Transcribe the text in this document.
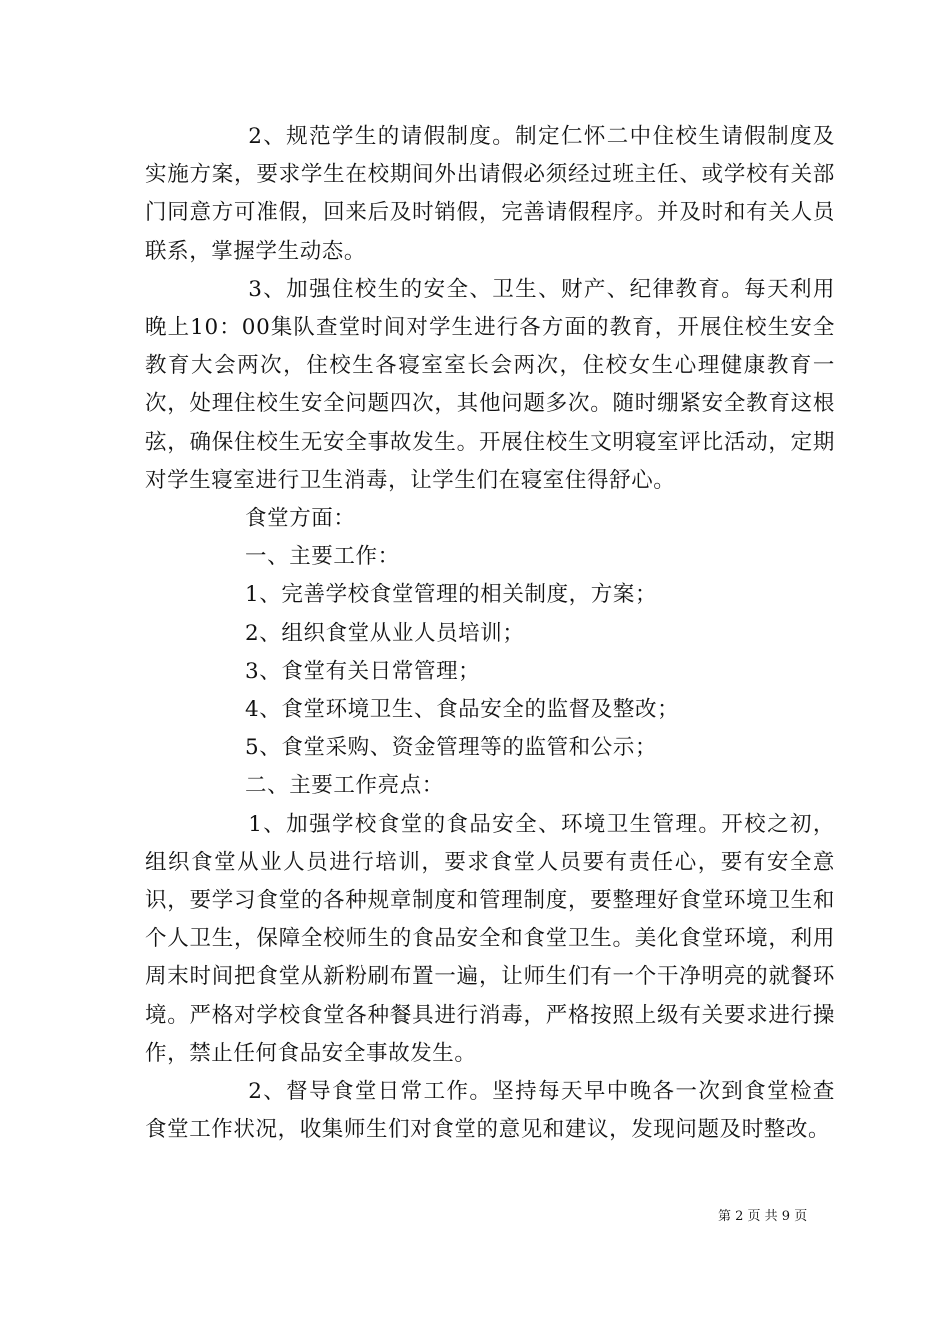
2、规范学生的请假制度。制定仁怀二中住校生请假制度及实施方案，要求学生在校期间外出请假必须经过班主任、或学校有关部门同意方可准假，回来后及时销假，完善请假程序。并及时和有关人员联系，掌握学生动态。

3、加强住校生的安全、卫生、财产、纪律教育。每天利用晚上10：00集队查堂时间对学生进行各方面的教育，开展住校生安全教育大会两次，住校生各寝室室长会两次，住校女生心理健康教育一次，处理住校生安全问题四次，其他问题多次。随时绷紧安全教育这根弦，确保住校生无安全事故发生。开展住校生文明寝室评比活动，定期对学生寝室进行卫生消毒，让学生们在寝室住得舒心。

食堂方面：

一、主要工作：

1、完善学校食堂管理的相关制度，方案；

2、组织食堂从业人员培训；

3、食堂有关日常管理；

4、食堂环境卫生、食品安全的监督及整改；

5、食堂采购、资金管理等的监管和公示；

二、主要工作亮点：

1、加强学校食堂的食品安全、环境卫生管理。开校之初，组织食堂从业人员进行培训，要求食堂人员要有责任心，要有安全意识，要学习食堂的各种规章制度和管理制度，要整理好食堂环境卫生和个人卫生，保障全校师生的食品安全和食堂卫生。美化食堂环境，利用周末时间把食堂从新粉刷布置一遍，让师生们有一个干净明亮的就餐环境。严格对学校食堂各种餐具进行消毒，严格按照上级有关要求进行操作，禁止任何食品安全事故发生。

2、督导食堂日常工作。坚持每天早中晚各一次到食堂检查食堂工作状况，收集师生们对食堂的意见和建议，发现问题及时整改。

第 2 页 共 9 页
